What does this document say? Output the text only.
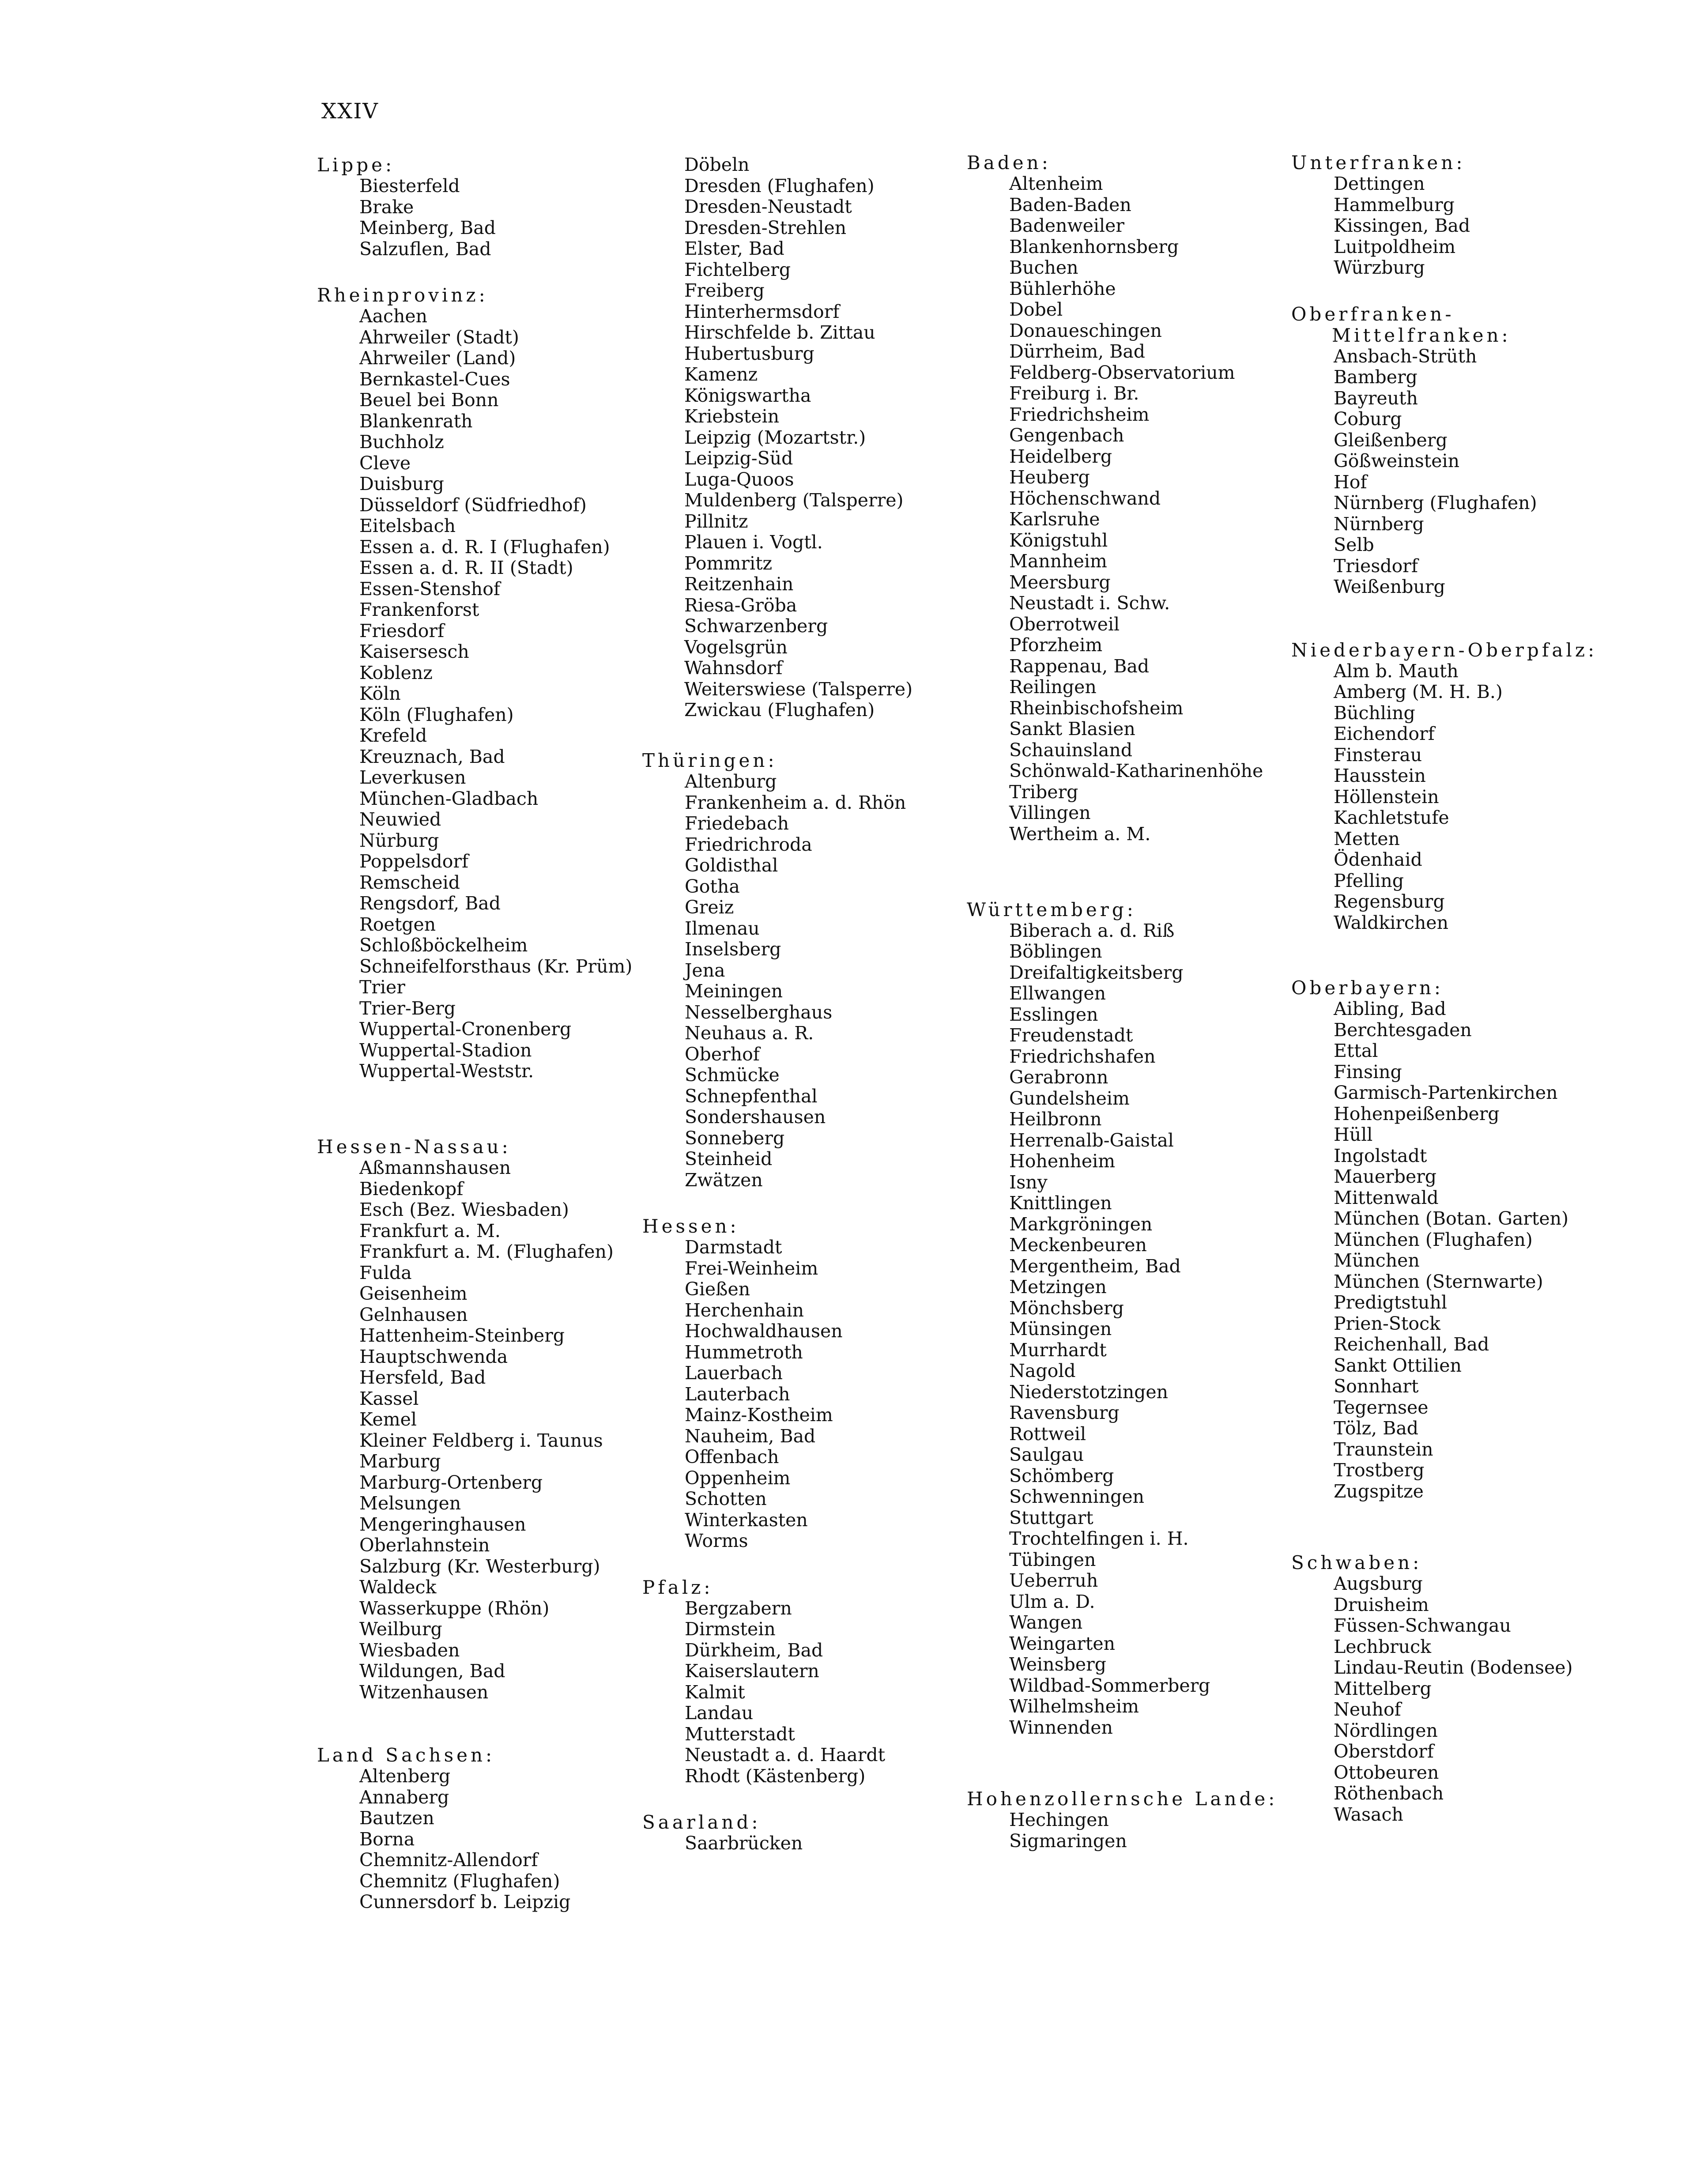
XXIV
Lippe:
Biesterfeld
Brake
Meinberg, Bad
Salzuflen, Bad
Rheinprovinz:
Aachen
Ahrweiler (Stadt)
Ahrweiler (Land)
Bernkastel-Cues
Beuel bei Bonn
Blankenrath
Buchholz
Cleve
Duisburg
Düsseldorf (Südfriedhof)
Eitelsbach
Essen a. d. R. I (Flughafen)
Essen a. d. R. II (Stadt)
Essen-Stenshof
Frankenforst
Friesdorf
Kaisersesch
Koblenz
Köln
Köln (Flughafen)
Krefeld
Kreuznach, Bad
Leverkusen
München-Gladbach
Neuwied
Nürburg
Poppelsdorf
Remscheid
Rengsdorf, Bad
Roetgen
Schloßböckelheim
Schneifelforsthaus (Kr. Prüm)
Trier
Trier-Berg
Wuppertal-Cronenberg
Wuppertal-Stadion
Wuppertal-Weststr.
Hessen-Nassau:
Aßmannshausen
Biedenkopf
Esch (Bez. Wiesbaden)
Frankfurt a. M.
Frankfurt a. M. (Flughafen)
Fulda
Geisenheim
Gelnhausen
Hattenheim-Steinberg
Hauptschwenda
Hersfeld, Bad
Kassel
Kemel
Kleiner Feldberg i. Taunus
Marburg
Marburg-Ortenberg
Melsungen
Mengeringhausen
Oberlahnstein
Salzburg (Kr. Westerburg)
Waldeck
Wasserkuppe (Rhön)
Weilburg
Wiesbaden
Wildungen, Bad
Witzenhausen
Land Sachsen:
Altenberg
Annaberg
Bautzen
Borna
Chemnitz-Allendorf
Chemnitz (Flughafen)
Cunnersdorf b. Leipzig
Döbeln
Dresden (Flughafen)
Dresden-Neustadt
Dresden-Strehlen
Elster, Bad
Fichtelberg
Freiberg
Hinterhermsdorf
Hirschfelde b. Zittau
Hubertusburg
Kamenz
Königswartha
Kriebstein
Leipzig (Mozartstr.)
Leipzig-Süd
Luga-Quoos
Muldenberg (Talsperre)
Pillnitz
Plauen i. Vogtl.
Pommritz
Reitzenhain
Riesa-Gröba
Schwarzenberg
Vogelsgrün
Wahnsdorf
Weiterswiese (Talsperre)
Zwickau (Flughafen)
Thüringen:
Altenburg
Frankenheim a. d. Rhön
Friedebach
Friedrichroda
Goldisthal
Gotha
Greiz
Ilmenau
Inselsberg
Jena
Meiningen
Nesselberghaus
Neuhaus a. R.
Oberhof
Schmücke
Schnepfenthal
Sondershausen
Sonneberg
Steinheid
Zwätzen
Hessen:
Darmstadt
Frei-Weinheim
Gießen
Herchenhain
Hochwaldhausen
Hummetroth
Lauerbach
Lauterbach
Mainz-Kostheim
Nauheim, Bad
Offenbach
Oppenheim
Schotten
Winterkasten
Worms
Pfalz:
Bergzabern
Dirmstein
Dürkheim, Bad
Kaiserslautern
Kalmit
Landau
Mutterstadt
Neustadt a. d. Haardt
Rhodt (Kästenberg)
Saarland:
Saarbrücken
Baden:
Altenheim
Baden-Baden
Badenweiler
Blankenhornsberg
Buchen
Bühlerhöhe
Dobel
Donaueschingen
Dürrheim, Bad
Feldberg-Observatorium
Freiburg i. Br.
Friedrichsheim
Gengenbach
Heidelberg
Heuberg
Höchenschwand
Karlsruhe
Königstuhl
Mannheim
Meersburg
Neustadt i. Schw.
Oberrotweil
Pforzheim
Rappenau, Bad
Reilingen
Rheinbischofsheim
Sankt Blasien
Schauinsland
Schönwald-Katharinenhöhe
Triberg
Villingen
Wertheim a. M.
Württemberg:
Biberach a. d. Riß
Böblingen
Dreifaltigkeitsberg
Ellwangen
Esslingen
Freudenstadt
Friedrichshafen
Gerabronn
Gundelsheim
Heilbronn
Herrenalb-Gaistal
Hohenheim
Isny
Knittlingen
Markgröningen
Meckenbeuren
Mergentheim, Bad
Metzingen
Mönchsberg
Münsingen
Murrhardt
Nagold
Niederstotzingen
Ravensburg
Rottweil
Saulgau
Schömberg
Schwenningen
Stuttgart
Trochtelfingen i. H.
Tübingen
Ueberruh
Ulm a. D.
Wangen
Weingarten
Weinsberg
Wildbad-Sommerberg
Wilhelmsheim
Winnenden
Hohenzollernsche Lande:
Hechingen
Sigmaringen
Unterfranken:
Dettingen
Hammelburg
Kissingen, Bad
Luitpoldheim
Würzburg
Oberfranken-
Mittelfranken:
Ansbach-Strüth
Bamberg
Bayreuth
Coburg
Gleißenberg
Gößweinstein
Hof
Nürnberg (Flughafen)
Nürnberg
Selb
Triesdorf
Weißenburg
Niederbayern-Oberpfalz:
Alm b. Mauth
Amberg (M. H. B.)
Büchling
Eichendorf
Finsterau
Hausstein
Höllenstein
Kachletstufe
Metten
Ödenhaid
Pfelling
Regensburg
Waldkirchen
Oberbayern:
Aibling, Bad
Berchtesgaden
Ettal
Finsing
Garmisch-Partenkirchen
Hohenpeißenberg
Hüll
Ingolstadt
Mauerberg
Mittenwald
München (Botan. Garten)
München (Flughafen)
München
München (Sternwarte)
Predigtstuhl
Prien-Stock
Reichenhall, Bad
Sankt Ottilien
Sonnhart
Tegernsee
Tölz, Bad
Traunstein
Trostberg
Zugspitze
Schwaben:
Augsburg
Druisheim
Füssen-Schwangau
Lechbruck
Lindau-Reutin (Bodensee)
Mittelberg
Neuhof
Nördlingen
Oberstdorf
Ottobeuren
Röthenbach
Wasach
